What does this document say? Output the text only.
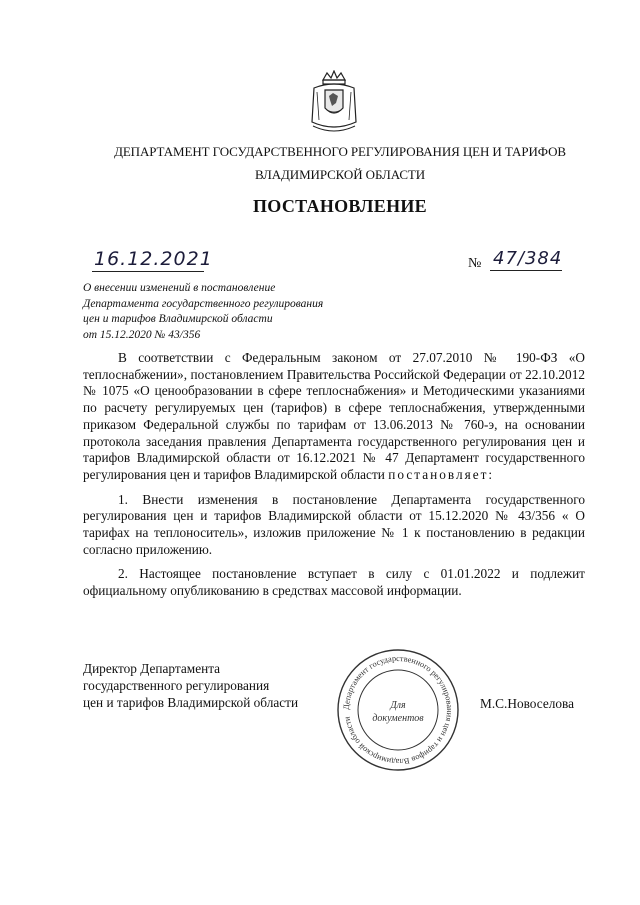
ДЕПАРТАМЕНТ ГОСУДАРСТВЕННОГО РЕГУЛИРОВАНИЯ ЦЕН И ТАРИФОВ
ВЛАДИМИРСКОЙ ОБЛАСТИ
ПОСТАНОВЛЕНИЕ
16.12.2021	№ 47/384
О внесении изменений в постановление
Департамента государственного регулирования
цен и тарифов Владимирской области
от 15.12.2020 № 43/356

В соответствии с Федеральным законом от 27.07.2010 № 190-ФЗ «О теплоснабжении», постановлением Правительства Российской Федерации от 22.10.2012 № 1075 «О ценообразовании в сфере теплоснабжения» и Методическими указаниями по расчету регулируемых цен (тарифов) в сфере теплоснабжения, утвержденными приказом Федеральной службы по тарифам от 13.06.2013 № 760-э, на основании протокола заседания правления Департамента государственного регулирования цен и тарифов Владимирской области от 16.12.2021 № 47 Департамент государственного регулирования цен и тарифов Владимирской области постановляет:

1. Внести изменения в постановление Департамента государственного регулирования цен и тарифов Владимирской области от 15.12.2020 № 43/356 « О тарифах на теплоноситель», изложив приложение № 1 к постановлению в редакции согласно приложению.

2. Настоящее постановление вступает в силу с 01.01.2022 и подлежит официальному опубликованию в средствах массовой информации.

Директор Департамента
государственного регулирования
цен и тарифов Владимирской области	Департамент государственного регулирования цен и тарифов Владимирской области
Для
документов
М.С.Новоселова
